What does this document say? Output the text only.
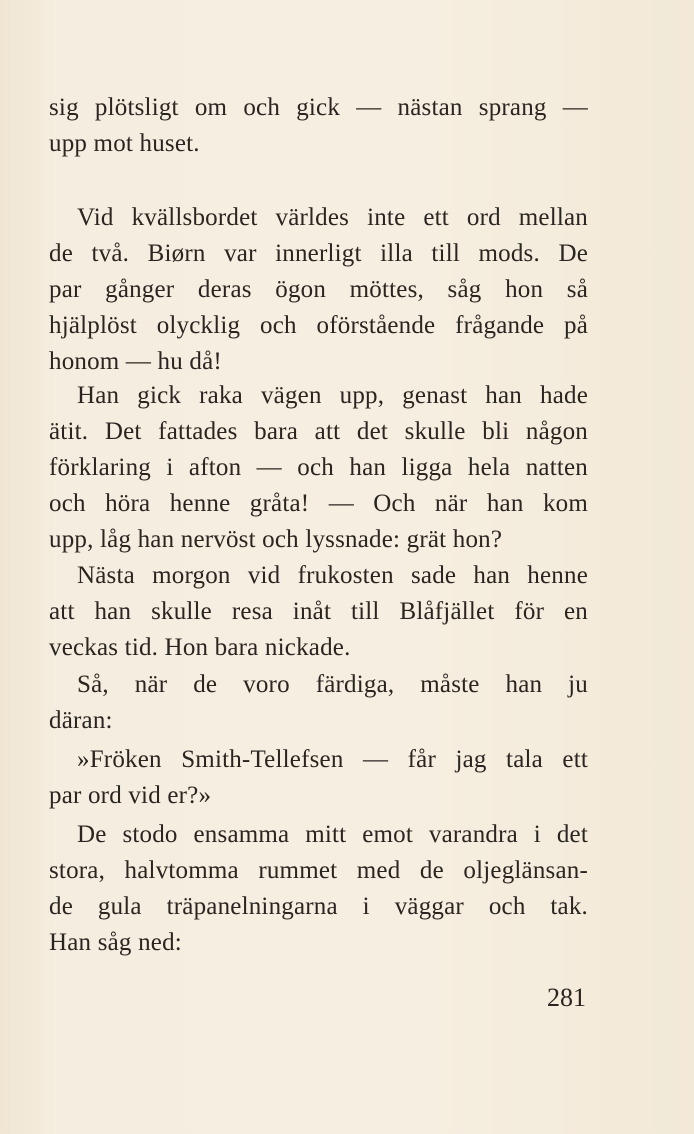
sig plötsligt om och gick — nästan sprang —
upp mot huset.
Vid kvällsbordet världes inte ett ord mellan
de två. Biørn var innerligt illa till mods. De
par gånger deras ögon möttes, såg hon så
hjälplöst olycklig och oförstående frågande på
honom — hu då!
Han gick raka vägen upp, genast han hade
ätit. Det fattades bara att det skulle bli någon
förklaring i afton — och han ligga hela natten
och höra henne gråta! — Och när han kom
upp, låg han nervöst och lyssnade: grät hon?
Nästa morgon vid frukosten sade han henne
att han skulle resa inåt till Blåfjället för en
veckas tid. Hon bara nickade.
Så, när de voro färdiga, måste han ju
däran:
»Fröken Smith-Tellefsen — får jag tala ett
par ord vid er?»
De stodo ensamma mitt emot varandra i det
stora, halvtomma rummet med de oljeglänsan-
de gula träpanelningarna i väggar och tak.
Han såg ned:
281
